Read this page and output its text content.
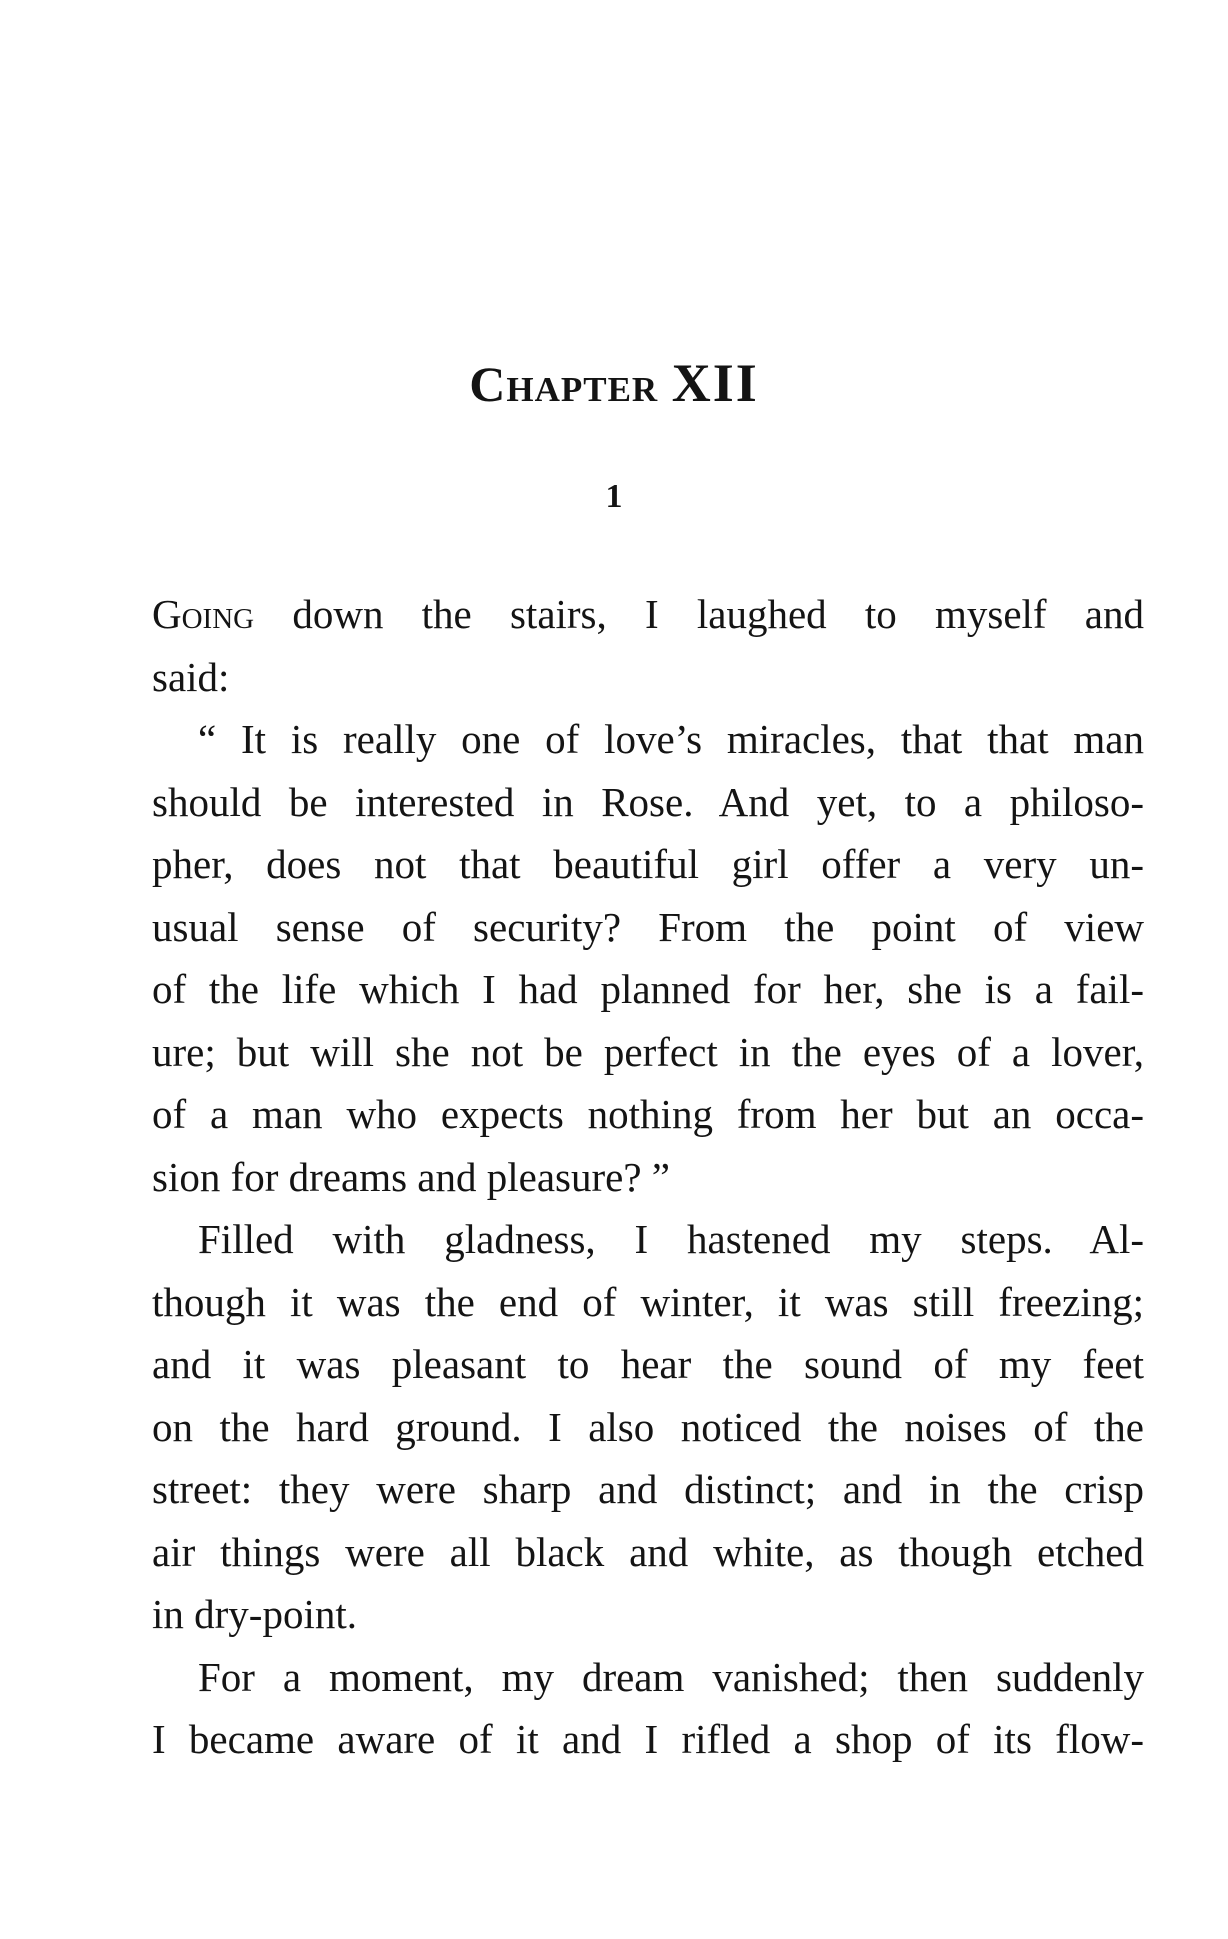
Chapter XII
1
Going down the stairs, I laughed to myself and
said:
“ It is really one of love’s miracles, that that man
should be interested in Rose. And yet, to a philoso-
pher, does not that beautiful girl offer a very un-
usual sense of security? From the point of view
of the life which I had planned for her, she is a fail-
ure; but will she not be perfect in the eyes of a lover,
of a man who expects nothing from her but an occa-
sion for dreams and pleasure? ”
Filled with gladness, I hastened my steps. Al-
though it was the end of winter, it was still freezing;
and it was pleasant to hear the sound of my feet
on the hard ground. I also noticed the noises of the
street: they were sharp and distinct; and in the crisp
air things were all black and white, as though etched
in dry-point.
For a moment, my dream vanished; then suddenly
I became aware of it and I rifled a shop of its flow-
